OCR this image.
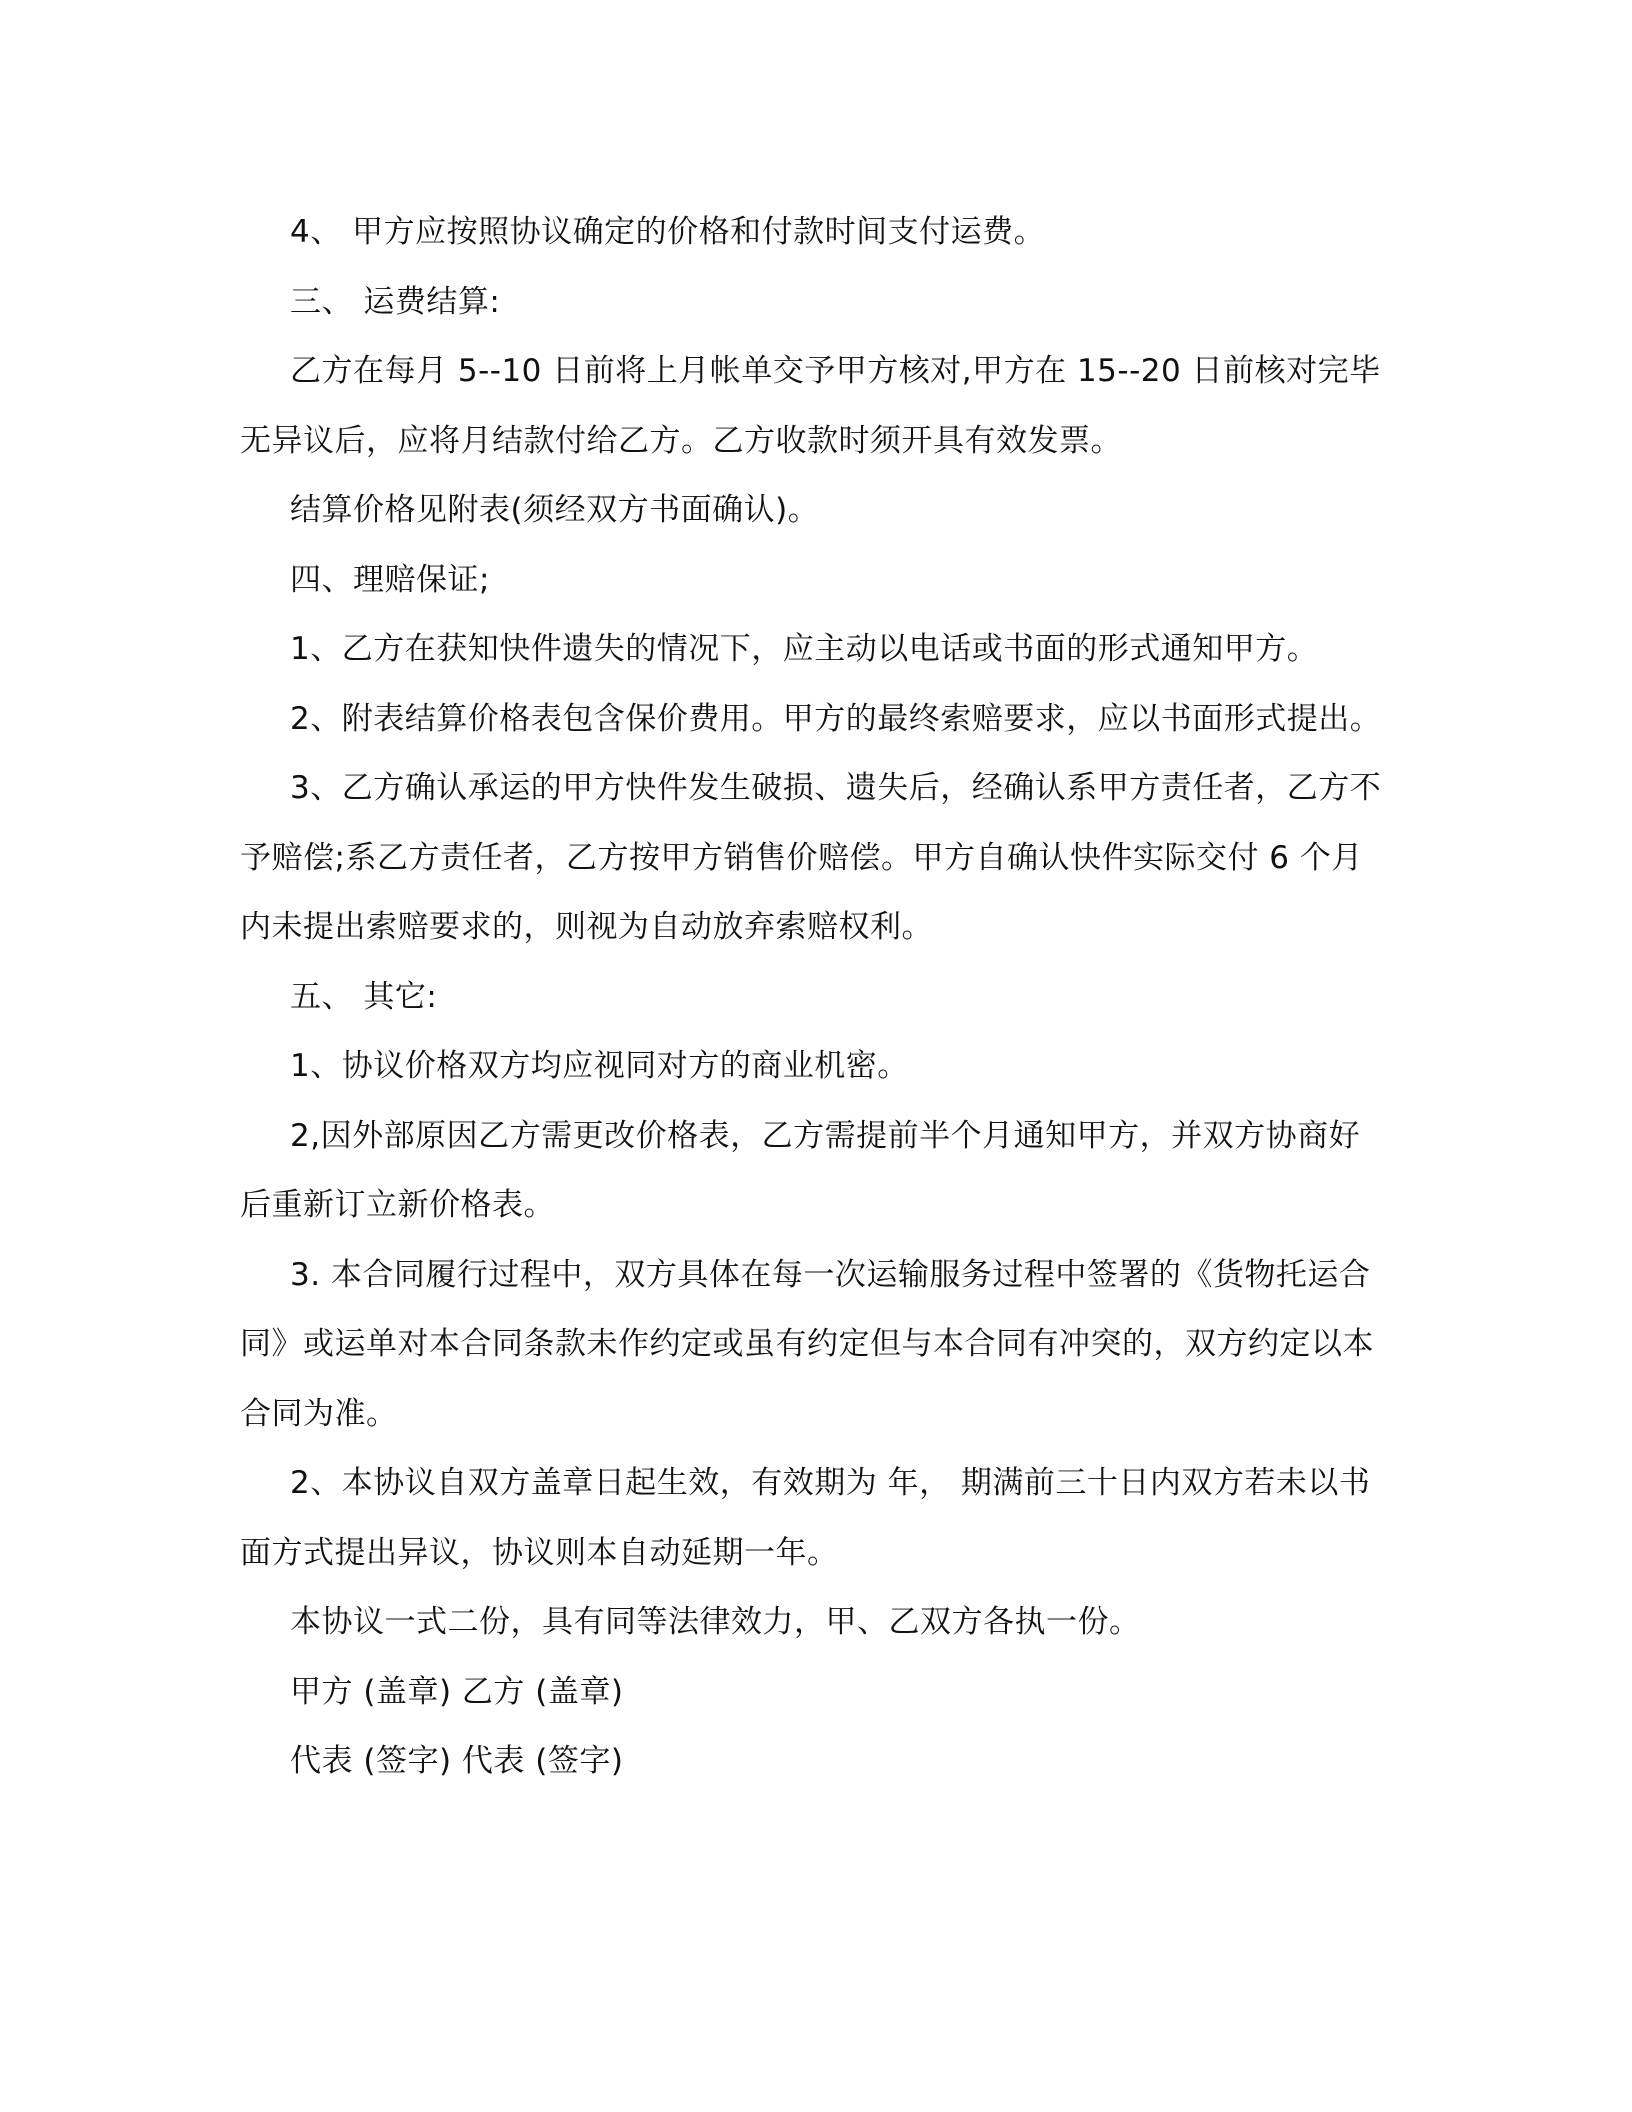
4、 甲方应按照协议确定的价格和付款时间支付运费。

三、 运费结算:

乙方在每月 5--10 日前将上月帐单交予甲方核对,甲方在 15--20 日前核对完毕无异议后，应将月结款付给乙方。乙方收款时须开具有效发票。

结算价格见附表(须经双方书面确认)。

四、理赔保证;

1、乙方在获知快件遗失的情况下，应主动以电话或书面的形式通知甲方。

2、附表结算价格表包含保价费用。甲方的最终索赔要求，应以书面形式提出。

3、乙方确认承运的甲方快件发生破损、遗失后，经确认系甲方责任者，乙方不予赔偿;系乙方责任者，乙方按甲方销售价赔偿。甲方自确认快件实际交付 6 个月内未提出索赔要求的，则视为自动放弃索赔权利。

五、 其它:

1、协议价格双方均应视同对方的商业机密。

2,因外部原因乙方需更改价格表，乙方需提前半个月通知甲方，并双方协商好后重新订立新价格表。

3. 本合同履行过程中，双方具体在每一次运输服务过程中签署的《货物托运合同》或运单对本合同条款未作约定或虽有约定但与本合同有冲突的，双方约定以本合同为准。

2、本协议自双方盖章日起生效，有效期为 年， 期满前三十日内双方若未以书面方式提出异议，协议则本自动延期一年。

本协议一式二份，具有同等法律效力，甲、乙双方各执一份。

甲方 (盖章) 乙方 (盖章)

代表 (签字) 代表 (签字)
